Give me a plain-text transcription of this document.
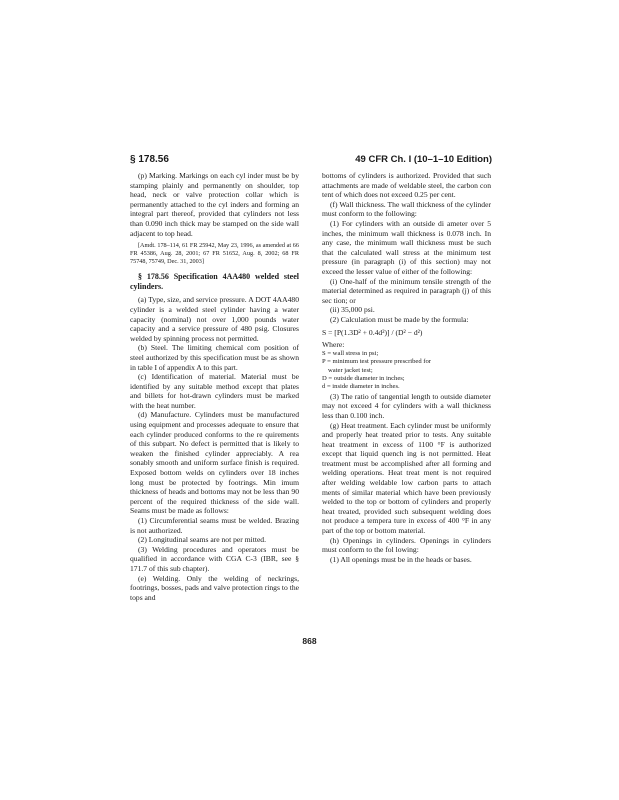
§ 178.56	49 CFR Ch. I (10–1–10 Edition)

(p) Marking. Markings on each cyl inder must be by stamping plainly and permanently on shoulder, top head, neck or valve protection collar which is permanently attached to the cyl inders and forming an integral part thereof, provided that cylinders not less than 0.090 inch thick may be stamped on the side wall adjacent to top head.

[Amdt. 178–114, 61 FR 25942, May 23, 1996, as amended at 66 FR 45386, Aug. 28, 2001; 67 FR 51652, Aug. 8, 2002; 68 FR 75748, 75749, Dec. 31, 2003]

§ 178.56 Specification 4AA480 welded steel cylinders.

(a) Type, size, and service pressure. A DOT 4AA480 cylinder is a welded steel cylinder having a water capacity (nominal) not over 1,000 pounds water capacity and a service pressure of 480 psig. Closures welded by spinning process not permitted.

(b) Steel. The limiting chemical com position of steel authorized by this specification must be as shown in table I of appendix A to this part.

(c) Identification of material. Material must be identified by any suitable method except that plates and billets for hot-drawn cylinders must be marked with the heat number.

(d) Manufacture. Cylinders must be manufactured using equipment and processes adequate to ensure that each cylinder produced conforms to the re quirements of this subpart. No defect is permitted that is likely to weaken the finished cylinder appreciably. A rea sonably smooth and uniform surface finish is required. Exposed bottom welds on cylinders over 18 inches long must be protected by footrings. Min imum thickness of heads and bottoms may not be less than 90 percent of the required thickness of the side wall. Seams must be made as follows:

(1) Circumferential seams must be welded. Brazing is not authorized.

(2) Longitudinal seams are not per mitted.

(3) Welding procedures and operators must be qualified in accordance with CGA C-3 (IBR, see § 171.7 of this sub chapter).

(e) Welding. Only the welding of neckrings, footrings, bosses, pads and valve protection rings to the tops and

bottoms of cylinders is authorized. Provided that such attachments are made of weldable steel, the carbon con tent of which does not exceed 0.25 per cent.

(f) Wall thickness. The wall thickness of the cylinder must conform to the following:

(1) For cylinders with an outside di ameter over 5 inches, the minimum wall thickness is 0.078 inch. In any case, the minimum wall thickness must be such that the calculated wall stress at the minimum test pressure (in paragraph (i) of this section) may not exceed the lesser value of either of the following:

(i) One-half of the minimum tensile strength of the material determined as required in paragraph (j) of this sec tion; or

(ii) 35,000 psi.

(2) Calculation must be made by the formula:

S = [P(1.3D² + 0.4d²)] / (D² − d²)

Where:

S = wall stress in psi;

P = minimum test pressure prescribed for

water jacket test;

D = outside diameter in inches;

d = inside diameter in inches.

(3) The ratio of tangential length to outside diameter may not exceed 4 for cylinders with a wall thickness less than 0.100 inch.

(g) Heat treatment. Each cylinder must be uniformly and properly heat treated prior to tests. Any suitable heat treatment in excess of 1100 °F is authorized except that liquid quench ing is not permitted. Heat treatment must be accomplished after all forming and welding operations. Heat treat ment is not required after welding weldable low carbon parts to attach ments of similar material which have been previously welded to the top or bottom of cylinders and properly heat treated, provided such subsequent welding does not produce a tempera ture in excess of 400 °F in any part of the top or bottom material.

(h) Openings in cylinders. Openings in cylinders must conform to the fol lowing:

(1) All openings must be in the heads or bases.

868
